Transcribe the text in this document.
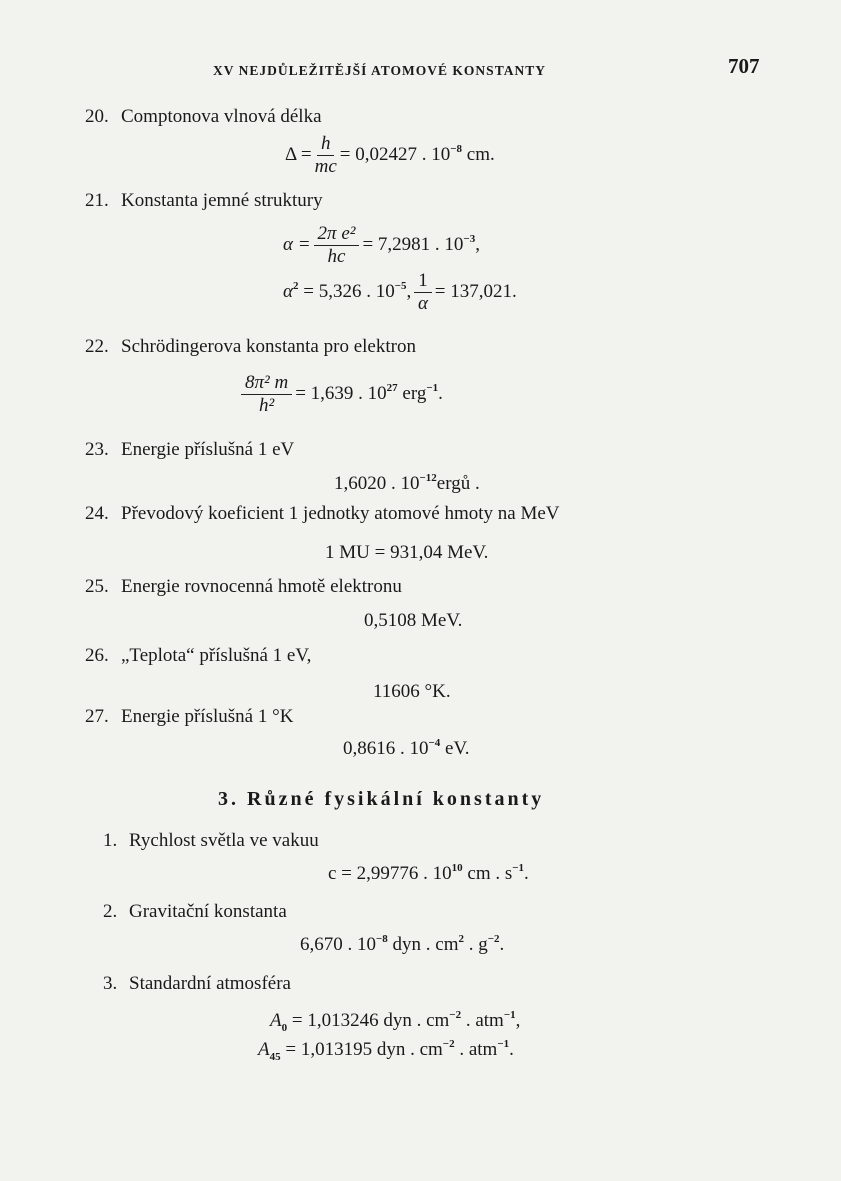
XV NEJDŮLEŽITĚJŠÍ ATOMOVÉ KONSTANTY	707
20. Comptonova vlnová délka
$\Delta = \frac{h}{mc} = 0,02427$ . $10^{-8}$ cm.
21. Konstanta jemné struktury
$\alpha = \frac{\text{2π e²}}{hc} = 7,2981$ . $10^{-3}$,
$\alpha^2 = 5,326$ . $10^{-5}$, $\frac{1}{\alpha} = 137,021$.
22. Schrödingerova konstanta pro elektron
$\frac{\text{8π² m}}{\text{h²}} = 1,639$ . $10^{27}$ erg$^{-1}$.
23. Energie příslušná 1 eV
1,6020 . $10^{-12}ergů$ .
24. Převodový koeficient 1 jednotky atomové hmoty na MeV
1 MU = 931,04 MeV.
25. Energie rovnocenná hmotě elektronu
0,5108 MeV.
26. „Teplota“ příslušná 1 eV,
11606 °K.
27. Energie příslušná 1 °K
0,8616 . $10^{-4}$ eV.
3. Různé fysikální konstanty
1. Rychlost světla ve vakuu
c = 2,99776 . $10^{10}$ cm . $s^{-1}$.
2. Gravitační konstanta
6,670 . $10^{-8}$ dyn . $cm^2$ . $g^{-2}$.
3. Standardní atmosféra
$A_0 = 1,013246$ dyn . $cm^{-2}$ . atm$^{-1}$,
$A_{45} = 1,013195$ dyn . $cm^{-2}$ . atm$^{-1}$.
